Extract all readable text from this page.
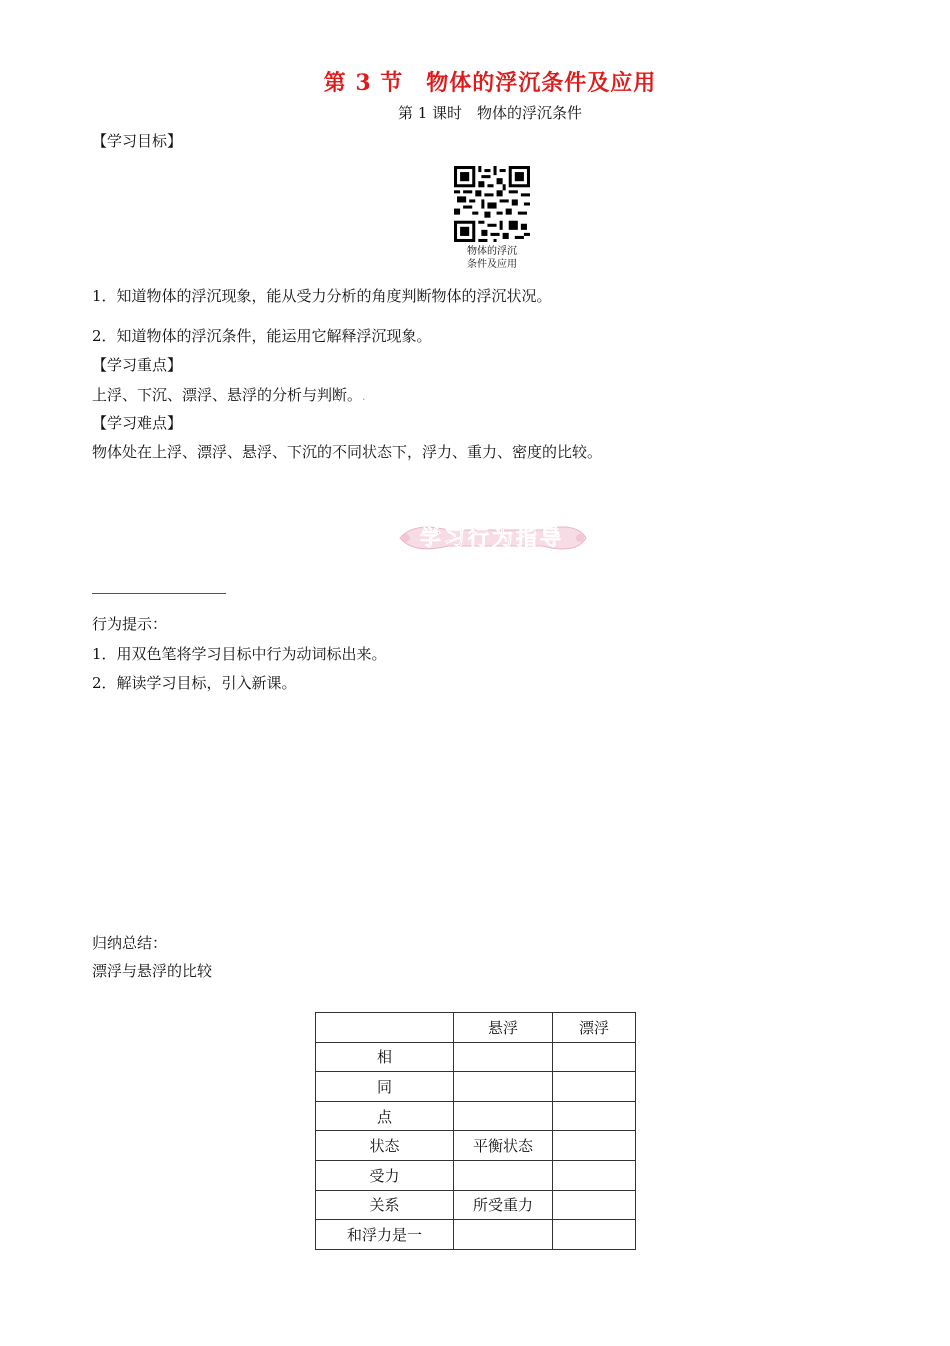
第 3 节　物体的浮沉条件及应用
第 1 课时　物体的浮沉条件
【学习目标】
物体的浮沉
条件及应用
1．知道物体的浮沉现象，能从受力分析的角度判断物体的浮沉状况。
2．知道物体的浮沉条件，能运用它解释浮沉现象。
【学习重点】
上浮、下沉、漂浮、悬浮的分析与判断。.
【学习难点】
物体处在上浮、漂浮、悬浮、下沉的不同状态下，浮力、重力、密度的比较。
学习行为指导
行为提示：
1．用双色笔将学习目标中行为动词标出来。
2．解读学习目标，引入新课。
归纳总结：
漂浮与悬浮的比较
	悬浮	漂浮
相		
同		
点		
状态	平衡状态	
受力		
关系	所受重力	
和浮力是一		
